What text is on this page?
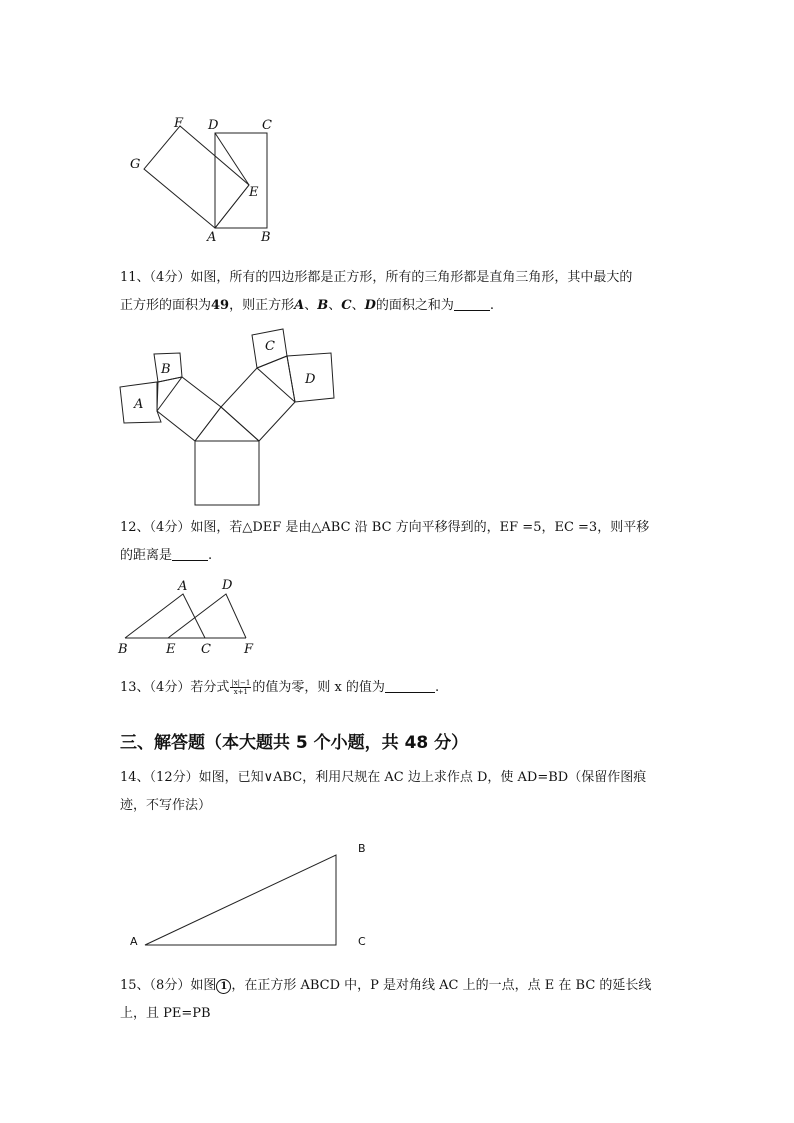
F D	C
G
E
A	B
11、（4分）如图，所有的四边形都是正方形，所有的三角形都是直角三角形，其中最大的
正方形的面积为49，则正方形A、B、C、D的面积之和为	.
A
B
C
D
12、（4分）如图，若△DEF 是由△ABC 沿 BC 方向平移得到的，EF =5，EC =3，则平移
的距离是	.
A	D
B	E C	F
13、（4分）若分式 $\frac{|x|-1}{x+1}$ 的值为零，则 x 的值为	.
三、解答题（本大题共 5 个小题，共 48 分）
14、（12分）如图，已知∨ABC，利用尺规在 AC 边上求作点 D，使 AD=BD（保留作图痕
迹，不写作法）
A
B
C
15、（8分）如图 1 ，在正方形 ABCD 中，P 是对角线 AC 上的一点，点 E 在 BC 的延长线
上，且 PE=PB
